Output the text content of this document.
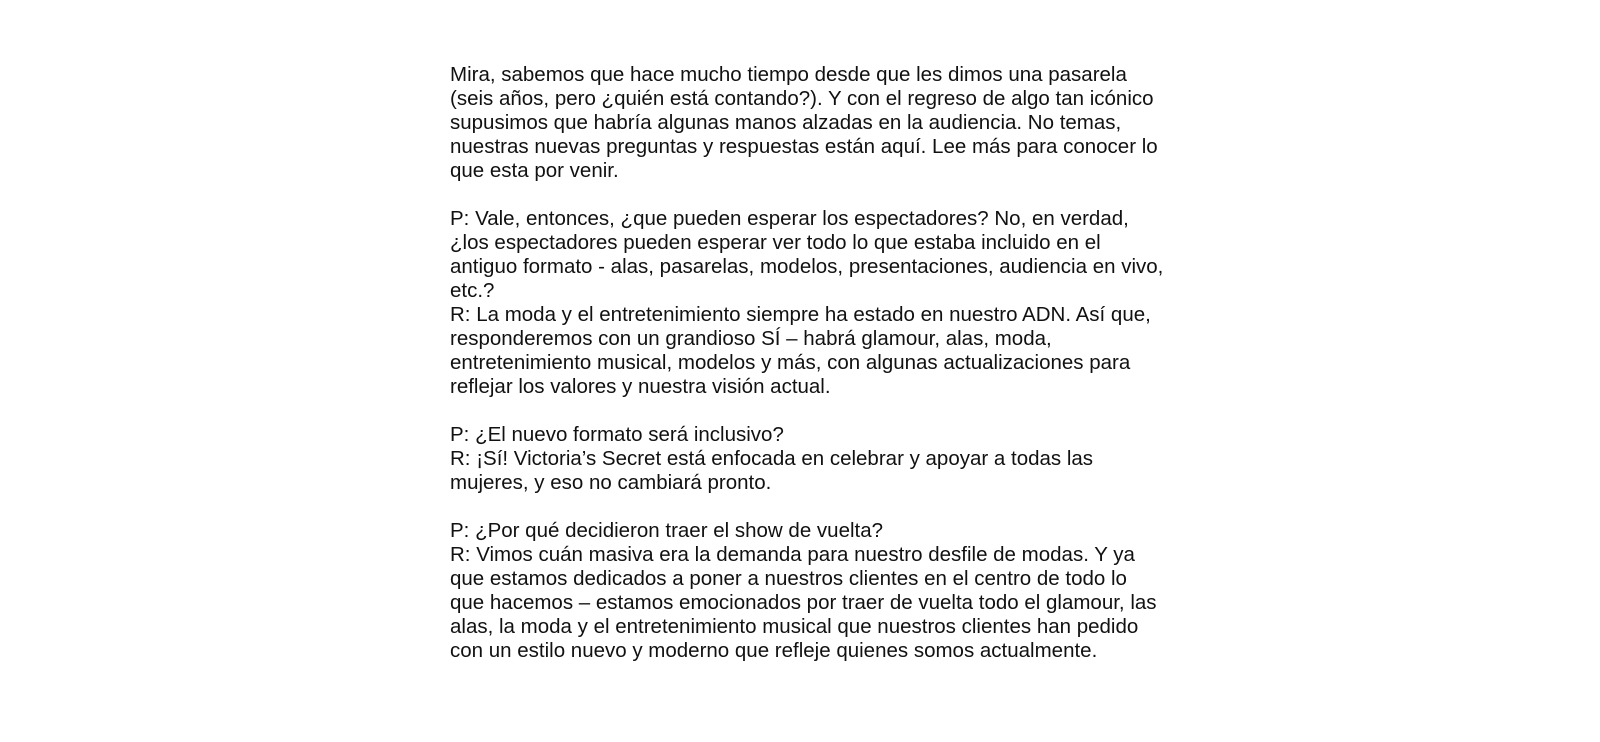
Mira, sabemos que hace mucho tiempo desde que les dimos una pasarela
(seis años, pero ¿quién está contando?). Y con el regreso de algo tan icónico
supusimos que habría algunas manos alzadas en la audiencia. No temas,
nuestras nuevas preguntas y respuestas están aquí. Lee más para conocer lo
que esta por venir.

P: Vale, entonces, ¿que pueden esperar los espectadores? No, en verdad,
¿los espectadores pueden esperar ver todo lo que estaba incluido en el
antiguo formato - alas, pasarelas, modelos, presentaciones, audiencia en vivo,
etc.?
R: La moda y el entretenimiento siempre ha estado en nuestro ADN. Así que,
responderemos con un grandioso SÍ – habrá glamour, alas, moda,
entretenimiento musical, modelos y más, con algunas actualizaciones para
reflejar los valores y nuestra visión actual.

P: ¿El nuevo formato será inclusivo?
R: ¡Sí! Victoria’s Secret está enfocada en celebrar y apoyar a todas las
mujeres, y eso no cambiará pronto.

P: ¿Por qué decidieron traer el show de vuelta?
R: Vimos cuán masiva era la demanda para nuestro desfile de modas. Y ya
que estamos dedicados a poner a nuestros clientes en el centro de todo lo
que hacemos – estamos emocionados por traer de vuelta todo el glamour, las
alas, la moda y el entretenimiento musical que nuestros clientes han pedido
con un estilo nuevo y moderno que refleje quienes somos actualmente.
